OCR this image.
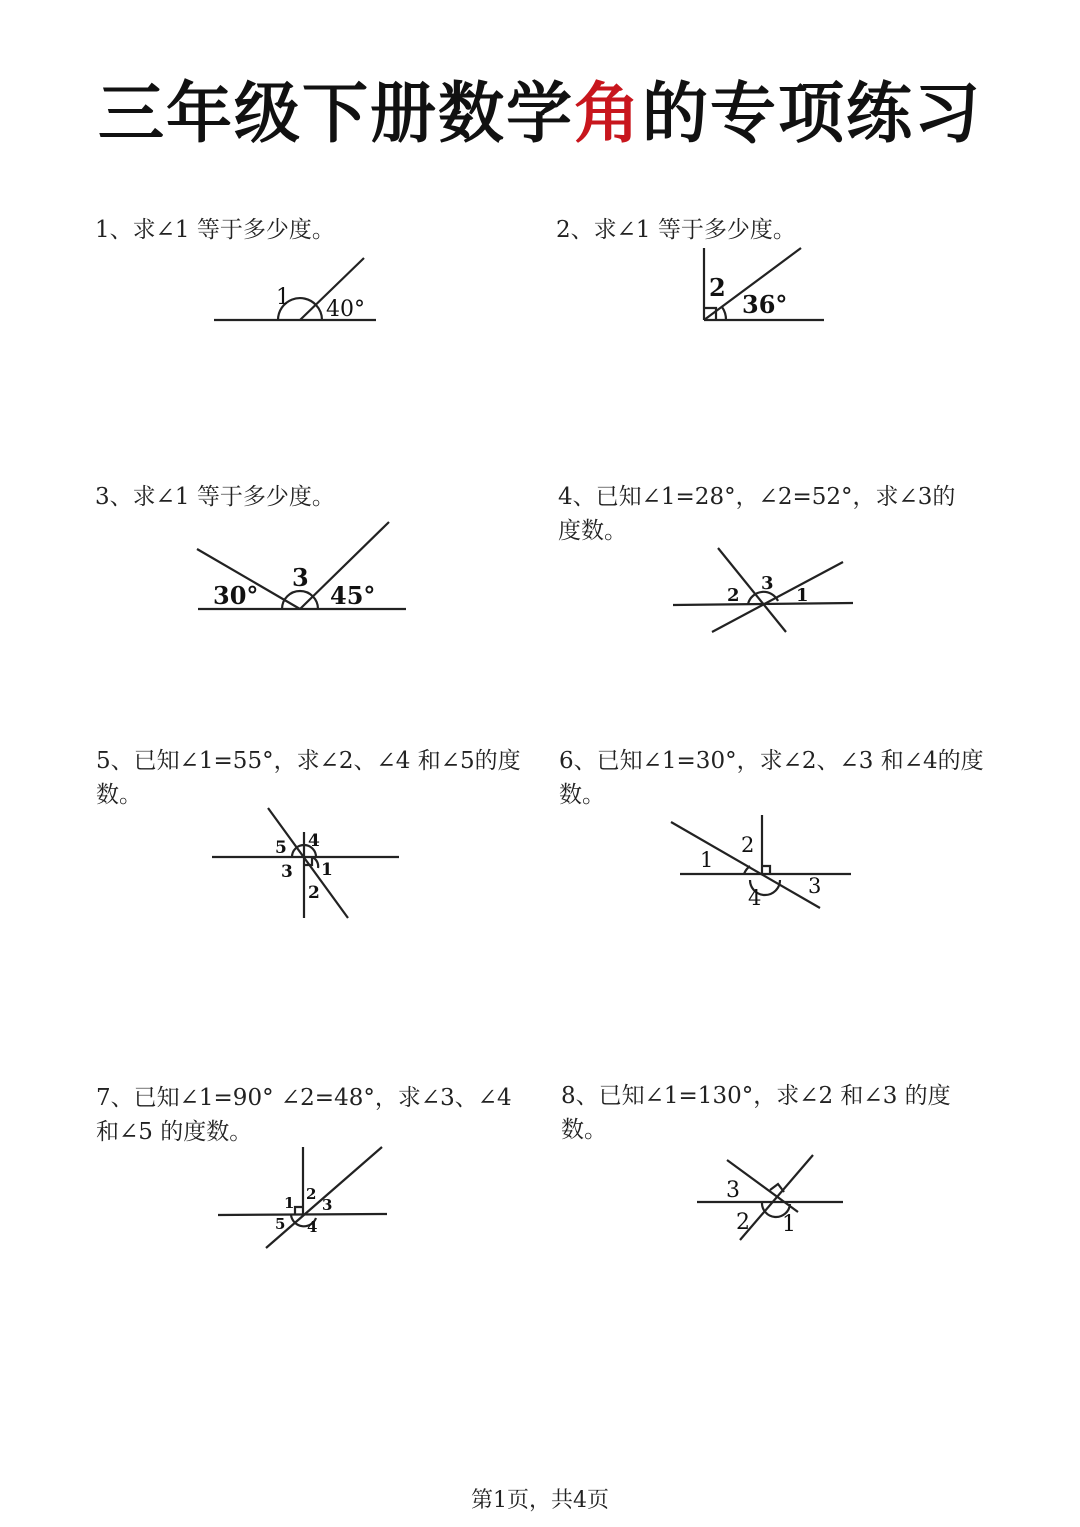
三年级下册数学角的专项练习
1、求∠1 等于多少度。
1 40°
2
36°
30°
3
45°	2
3
1
5 4
3 1
2
2
1
3
4
1 2
3
5 4
3
2 1
2、求∠1 等于多少度。
3、求∠1 等于多少度。	4、已知∠1=28°，∠2=52°，求∠3的度数。
5、已知∠1=55°，求∠2、∠4 和∠5的度数。
6、已知∠1=30°，求∠2、∠3 和∠4的度数。
7、已知∠1=90° ∠2=48°，求∠3、∠4 和∠5 的度数。
8、已知∠1=130°，求∠2 和∠3 的度数。
第1页，共4页
